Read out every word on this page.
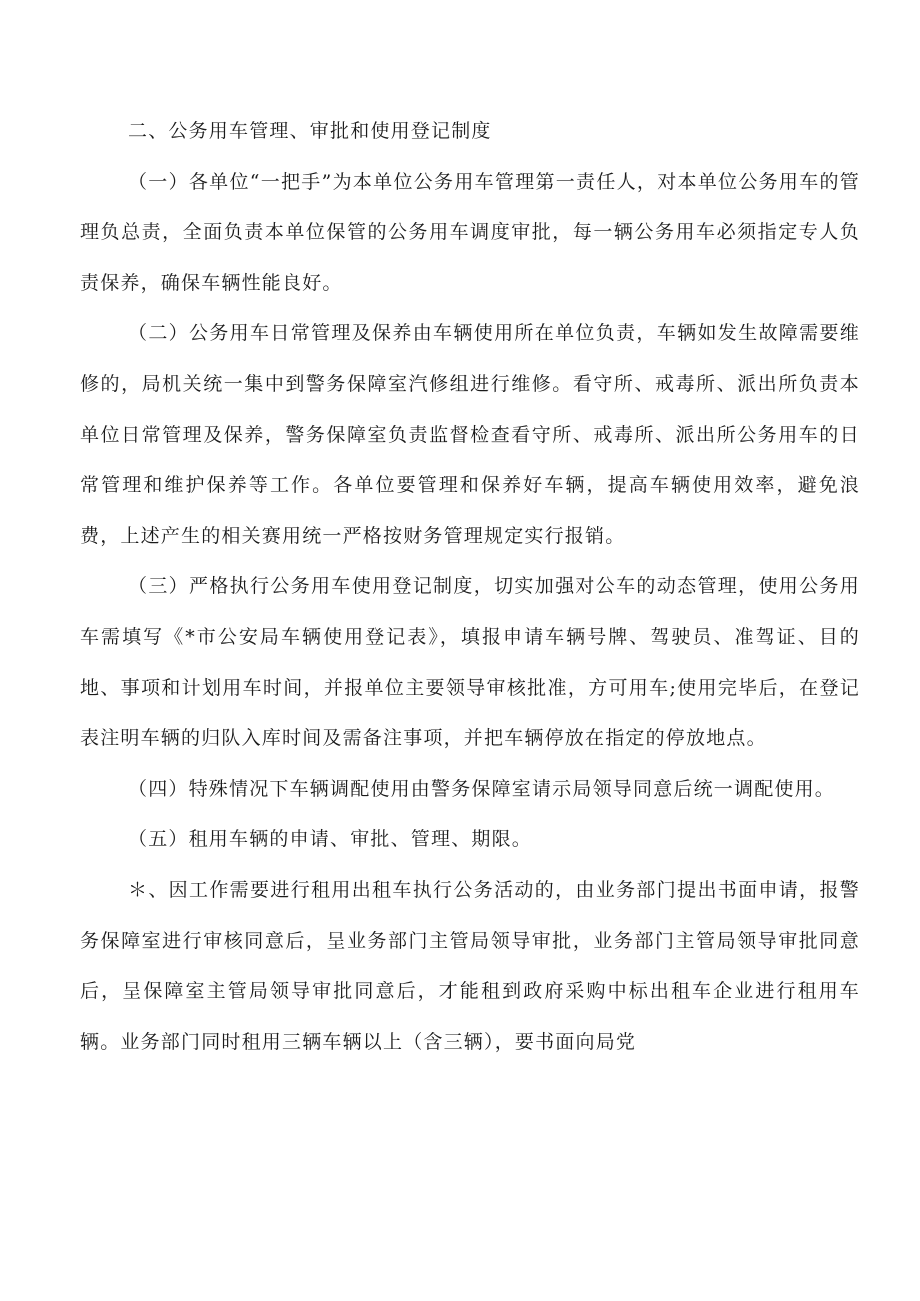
二、公务用车管理、审批和使用登记制度

（一）各单位“一把手”为本单位公务用车管理第一责任人，对本单位公务用车的管理负总责，全面负责本单位保管的公务用车调度审批，每一辆公务用车必须指定专人负责保养，确保车辆性能良好。

（二）公务用车日常管理及保养由车辆使用所在单位负责，车辆如发生故障需要维修的，局机关统一集中到警务保障室汽修组进行维修。看守所、戒毒所、派出所负责本单位日常管理及保养，警务保障室负责监督检查看守所、戒毒所、派出所公务用车的日常管理和维护保养等工作。各单位要管理和保养好车辆，提高车辆使用效率，避免浪费，上述产生的相关赛用统一严格按财务管理规定实行报销。

（三）严格执行公务用车使用登记制度，切实加强对公车的动态管理，使用公务用车需填写《*市公安局车辆使用登记表》，填报申请车辆号牌、驾驶员、准驾证、目的地、事项和计划用车时间，并报单位主要领导审核批准，方可用车;使用完毕后，在登记表注明车辆的归队入库时间及需备注事项，并把车辆停放在指定的停放地点。

（四）特殊情况下车辆调配使用由警务保障室请示局领导同意后统一调配使用。

（五）租用车辆的申请、审批、管理、期限。

＊、因工作需要进行租用出租车执行公务活动的，由业务部门提出书面申请，报警务保障室进行审核同意后，呈业务部门主管局领导审批，业务部门主管局领导审批同意后，呈保障室主管局领导审批同意后，才能租到政府采购中标出租车企业进行租用车辆。业务部门同时租用三辆车辆以上（含三辆），要书面向局党
